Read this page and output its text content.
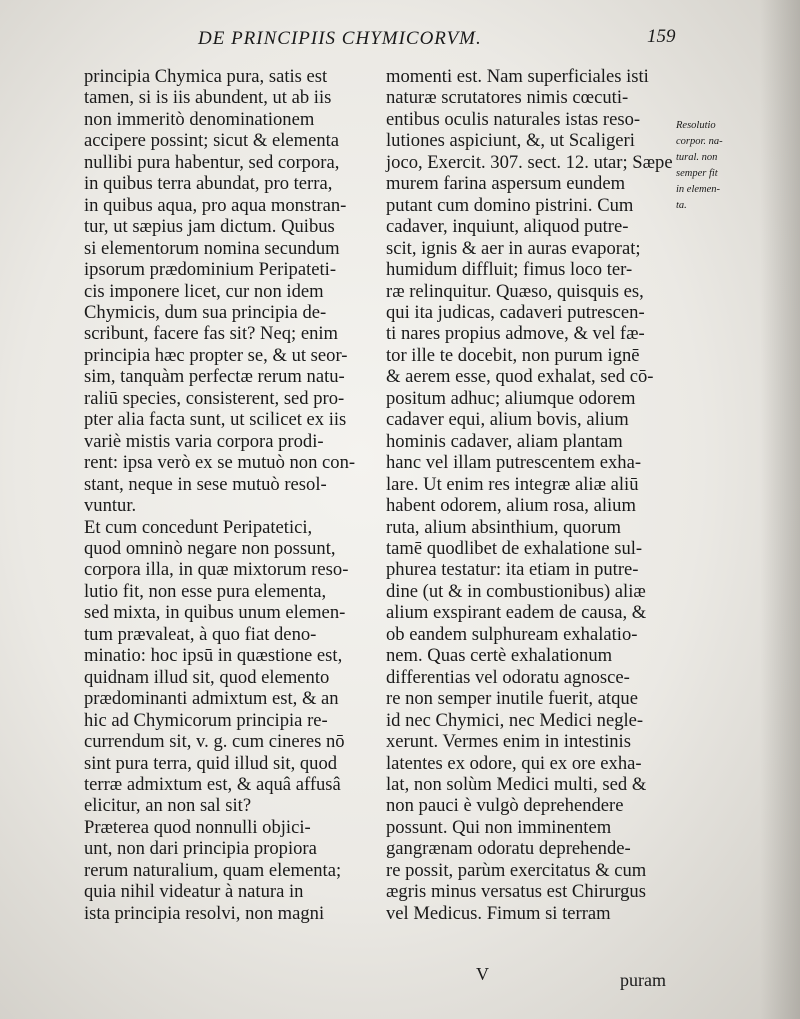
DE PRINCIPIIS CHYMICORVM.	159
principia Chymica pura, satis est
tamen, si is iis abundent, ut ab iis
non immeritò denominationem
accipere possint; sicut & elementa
nullibi pura habentur, sed corpora,
in quibus terra abundat, pro terra,
in quibus aqua, pro aqua monstran-
tur, ut sæpius jam dictum. Quibus
si elementorum nomina secundum
ipsorum prædominium Peripateti-
cis imponere licet, cur non idem
Chymicis, dum sua principia de-
scribunt, facere fas sit? Neq; enim
principia hæc propter se, & ut seor-
sim, tanquàm perfectæ rerum natu-
raliū species, consisterent, sed pro-
pter alia facta sunt, ut scilicet ex iis
variè mistis varia corpora prodi-
rent: ipsa verò ex se mutuò non con-
stant, neque in sese mutuò resol-
vuntur.
Et cum concedunt Peripatetici,
quod omninò negare non possunt,
corpora illa, in quæ mixtorum reso-
lutio fit, non esse pura elementa,
sed mixta, in quibus unum elemen-
tum prævaleat, à quo fiat deno-
minatio: hoc ipsū in quæstione est,
quidnam illud sit, quod elemento
prædominanti admixtum est, & an
hic ad Chymicorum principia re-
currendum sit, v. g. cum cineres nō
sint pura terra, quid illud sit, quod
terræ admixtum est, & aquâ affusâ
elicitur, an non sal sit?
Præterea quod nonnulli objici-
unt, non dari principia propiora
rerum naturalium, quam elementa;
quia nihil videatur à natura in
ista principia resolvi, non magni
momenti est. Nam superficiales isti
naturæ scrutatores nimis cœcuti-
entibus oculis naturales istas reso-
lutiones aspiciunt, &, ut Scaligeri
joco, Exercit. 307. sect. 12. utar; Sæpe
murem farina aspersum eundem
putant cum domino pistrini. Cum
cadaver, inquiunt, aliquod putre-
scit, ignis & aer in auras evaporat;
humidum diffluit; fimus loco ter-
ræ relinquitur. Quæso, quisquis es,
qui ita judicas, cadaveri putrescen-
ti nares propius admove, & vel fæ-
tor ille te docebit, non purum ignē
& aerem esse, quod exhalat, sed cō-
positum adhuc; aliumque odorem
cadaver equi, alium bovis, alium
hominis cadaver, aliam plantam
hanc vel illam putrescentem exha-
lare. Ut enim res integræ aliæ aliū
habent odorem, alium rosa, alium
ruta, alium absinthium, quorum
tamē quodlibet de exhalatione sul-
phurea testatur: ita etiam in putre-
dine (ut & in combustionibus) aliæ
alium exspirant eadem de causa, &
ob eandem sulphuream exhalatio-
nem. Quas certè exhalationum
differentias vel odoratu agnosce-
re non semper inutile fuerit, atque
id nec Chymici, nec Medici negle-
xerunt. Vermes enim in intestinis
latentes ex odore, qui ex ore exha-
lat, non solùm Medici multi, sed &
non pauci è vulgò deprehendere
possunt. Qui non imminentem
gangrænam odoratu deprehende-
re possit, parùm exercitatus & cum
ægris minus versatus est Chirurgus
vel Medicus. Fimum si terram
Resolutio
corpor. na-
tural. non
semper fit
in elemen-
ta.
V	puram
